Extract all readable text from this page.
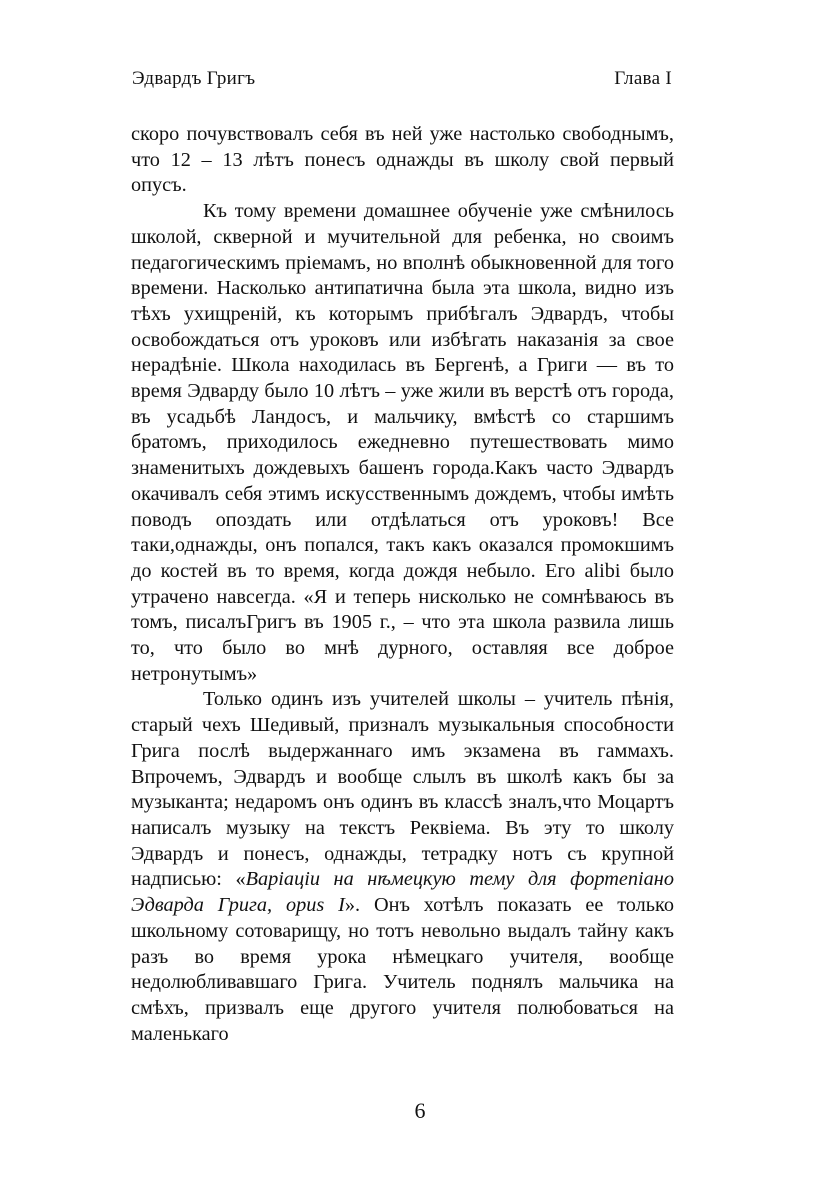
Эдвардъ Григъ	Глава I

скоро почувствовалъ себя въ ней уже настолько свободнымъ, что 12 – 13 лѣтъ понесъ однажды въ школу свой первый опусъ.

Къ тому времени домашнее обученіе уже смѣнилось школой, скверной и мучительной для ребенка, но своимъ педагогическимъ пріемамъ, но вполнѣ обыкновенной для того времени. Насколько антипатична была эта школа, видно изъ тѣхъ ухищреній, къ которымъ прибѣгалъ Эдвардъ, чтобы освобождаться отъ уроковъ или избѣгать наказанія за свое нерадѣніе. Школа находилась въ Бергенѣ, а Григи — въ то время Эдварду было 10 лѣтъ – уже жили въ верстѣ отъ города, въ усадьбѣ Ландосъ, и мальчику, вмѣстѣ со старшимъ братомъ, приходилось ежедневно путешествовать мимо знаменитыхъ дождевыхъ башенъ города.Какъ часто Эдвардъ окачивалъ себя этимъ искусственнымъ дождемъ, чтобы имѣть поводъ опоздать или отдѣлаться отъ уроковъ! Все таки,однажды, онъ попался, такъ какъ оказался промокшимъ до костей въ то время, когда дождя небыло. Его alibi было утрачено навсегда. «Я и теперь нисколько не сомнѣваюсь въ томъ, писалъГригъ въ 1905 г., – что эта школа развила лишь то, что было во мнѣ дурного, оставляя все доброе нетронутымъ»

Только одинъ изъ учителей школы – учитель пѣнія, старый чехъ Шедивый, призналъ музыкальныя способности Грига послѣ выдержаннаго имъ экзамена въ гаммахъ. Впрочемъ, Эдвардъ и вообще слылъ въ школѣ какъ бы за музыканта; недаромъ онъ одинъ въ классѣ зналъ,что Моцартъ написалъ музыку на текстъ Реквіема. Въ эту то школу Эдвардъ и понесъ, однажды, тетрадку нотъ съ крупной надписью: «Варіаціи на нѣмецкую тему для фортепіано Эдварда Грига, opus I». Онъ хотѣлъ показать ее только школьному сотоварищу, но тотъ невольно выдалъ тайну какъ разъ во время урока нѣмецкаго учителя, вообще недолюбливавшаго Грига. Учитель поднялъ мальчика на смѣхъ, призвалъ еще другого учителя полюбоваться на маленькаго

6
